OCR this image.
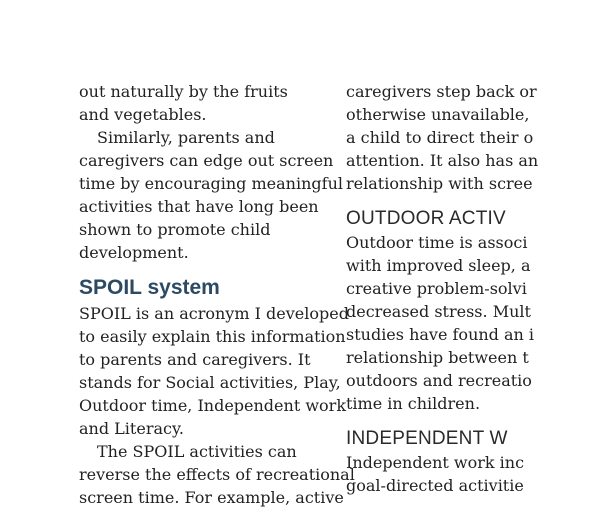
out naturally by the fruits
and vegetables.
Similarly, parents and
caregivers can edge out screen
time by encouraging meaningful
activities that have long been
shown to promote child
development.
SPOIL system
SPOIL is an acronym I developed
to easily explain this information
to parents and caregivers. It
stands for Social activities, Play,
Outdoor time, Independent work
and Literacy.
The SPOIL activities can
reverse the effects of recreational
screen time. For example, active
caregivers step back or
otherwise unavailable,
a child to direct their o
attention. It also has an
relationship with scree
OUTDOOR ACTIV
Outdoor time is associ
with improved sleep, a
creative problem-solvi
decreased stress. Mult
studies have found an i
relationship between t
outdoors and recreatio
time in children.
INDEPENDENT W
Independent work inc
goal-directed activitie
